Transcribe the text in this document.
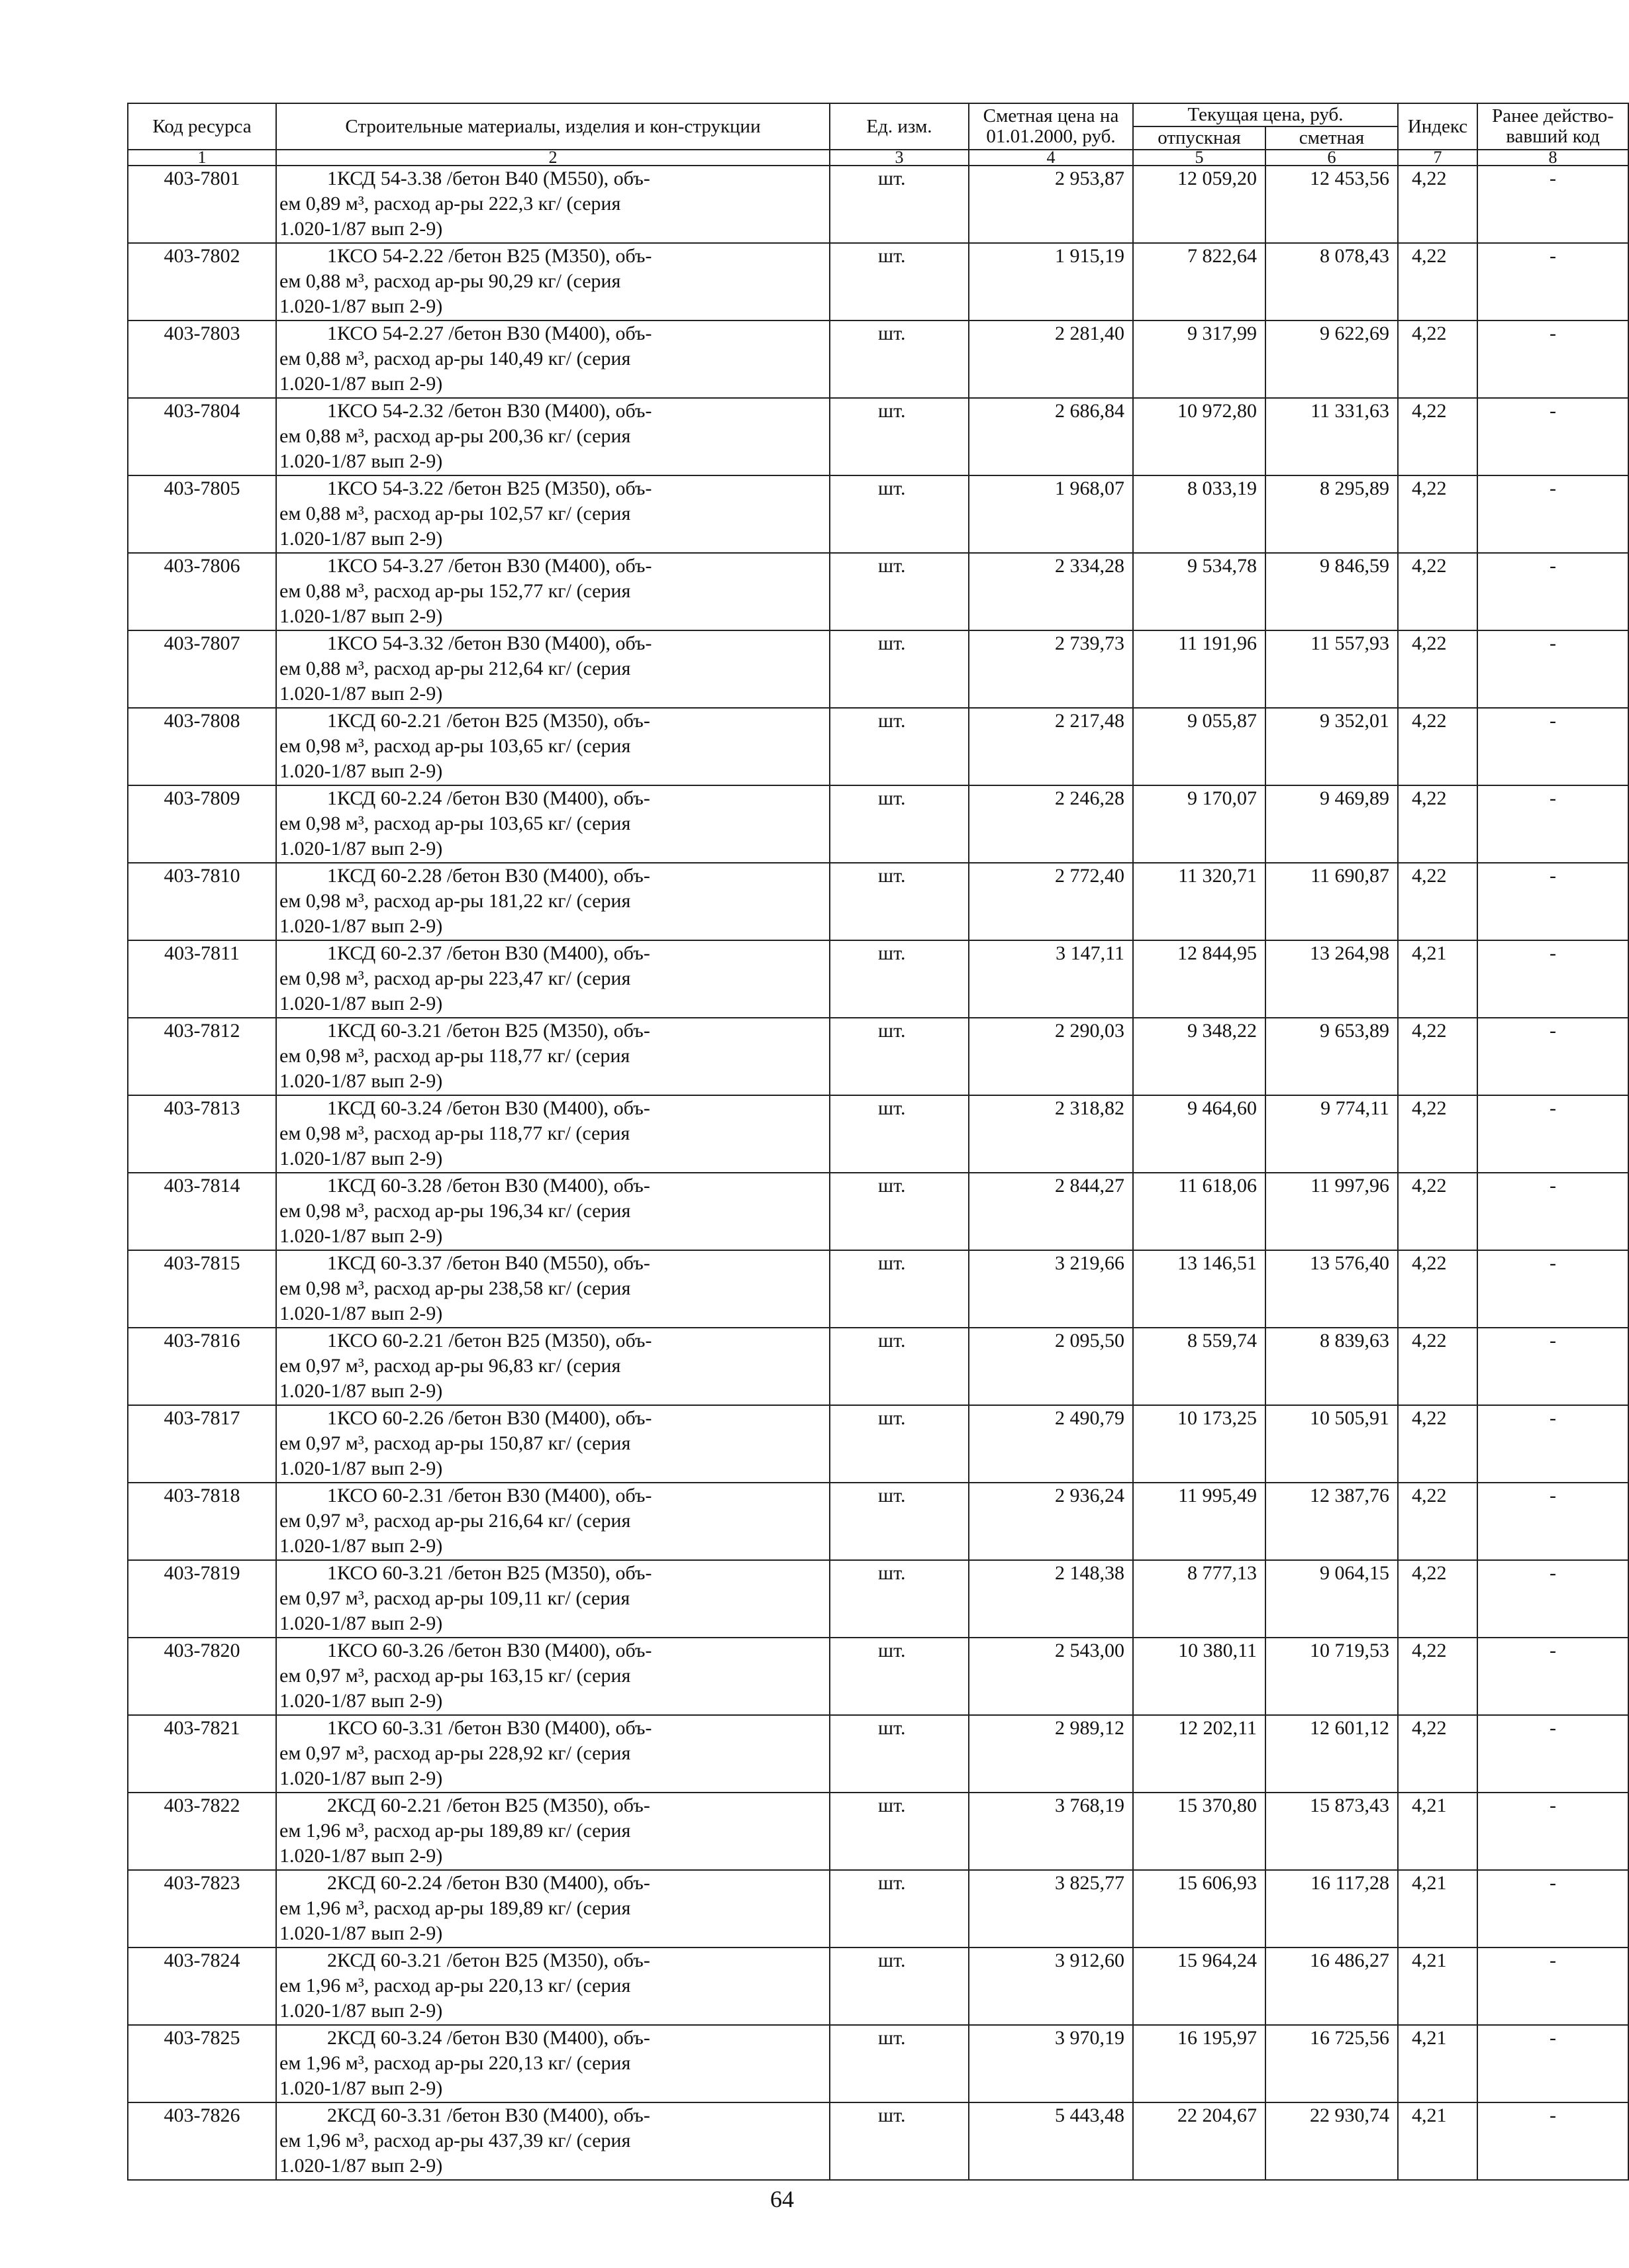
Код ресурса	Строительные материалы, изделия и кон-струкции	Ед. изм.	Сметная цена на 01.01.2000, руб.	Текущая цена, руб.		Индекс	Ранее действо-вавший код
				отпускная	сметная		
1	2	3	4	5	6	7	8
403-7801	1КСД 54-3.38 /бетон В40 (М550), объ-
ем 0,89 м³, расход ар-ры 222,3 кг/ (серия
1.020-1/87 вып 2-9)	шт.	2 953,87	12 059,20	12 453,56	4,22	-
403-7802	1КСО 54-2.22 /бетон В25 (М350), объ-
ем 0,88 м³, расход ар-ры 90,29 кг/ (серия
1.020-1/87 вып 2-9)	шт.	1 915,19	7 822,64	8 078,43	4,22	-
403-7803	1КСО 54-2.27 /бетон В30 (М400), объ-
ем 0,88 м³, расход ар-ры 140,49 кг/ (серия
1.020-1/87 вып 2-9)	шт.	2 281,40	9 317,99	9 622,69	4,22	-
403-7804	1КСО 54-2.32 /бетон В30 (М400), объ-
ем 0,88 м³, расход ар-ры 200,36 кг/ (серия
1.020-1/87 вып 2-9)	шт.	2 686,84	10 972,80	11 331,63	4,22	-
403-7805	1КСО 54-3.22 /бетон В25 (М350), объ-
ем 0,88 м³, расход ар-ры 102,57 кг/ (серия
1.020-1/87 вып 2-9)	шт.	1 968,07	8 033,19	8 295,89	4,22	-
403-7806	1КСО 54-3.27 /бетон В30 (М400), объ-
ем 0,88 м³, расход ар-ры 152,77 кг/ (серия
1.020-1/87 вып 2-9)	шт.	2 334,28	9 534,78	9 846,59	4,22	-
403-7807	1КСО 54-3.32 /бетон В30 (М400), объ-
ем 0,88 м³, расход ар-ры 212,64 кг/ (серия
1.020-1/87 вып 2-9)	шт.	2 739,73	11 191,96	11 557,93	4,22	-
403-7808	1КСД 60-2.21 /бетон В25 (М350), объ-
ем 0,98 м³, расход ар-ры 103,65 кг/ (серия
1.020-1/87 вып 2-9)	шт.	2 217,48	9 055,87	9 352,01	4,22	-
403-7809	1КСД 60-2.24 /бетон В30 (М400), объ-
ем 0,98 м³, расход ар-ры 103,65 кг/ (серия
1.020-1/87 вып 2-9)	шт.	2 246,28	9 170,07	9 469,89	4,22	-
403-7810	1КСД 60-2.28 /бетон В30 (М400), объ-
ем 0,98 м³, расход ар-ры 181,22 кг/ (серия
1.020-1/87 вып 2-9)	шт.	2 772,40	11 320,71	11 690,87	4,22	-
403-7811	1КСД 60-2.37 /бетон В30 (М400), объ-
ем 0,98 м³, расход ар-ры 223,47 кг/ (серия
1.020-1/87 вып 2-9)	шт.	3 147,11	12 844,95	13 264,98	4,21	-
403-7812	1КСД 60-3.21 /бетон В25 (М350), объ-
ем 0,98 м³, расход ар-ры 118,77 кг/ (серия
1.020-1/87 вып 2-9)	шт.	2 290,03	9 348,22	9 653,89	4,22	-
403-7813	1КСД 60-3.24 /бетон В30 (М400), объ-
ем 0,98 м³, расход ар-ры 118,77 кг/ (серия
1.020-1/87 вып 2-9)	шт.	2 318,82	9 464,60	9 774,11	4,22	-
403-7814	1КСД 60-3.28 /бетон В30 (М400), объ-
ем 0,98 м³, расход ар-ры 196,34 кг/ (серия
1.020-1/87 вып 2-9)	шт.	2 844,27	11 618,06	11 997,96	4,22	-
403-7815	1КСД 60-3.37 /бетон В40 (М550), объ-
ем 0,98 м³, расход ар-ры 238,58 кг/ (серия
1.020-1/87 вып 2-9)	шт.	3 219,66	13 146,51	13 576,40	4,22	-
403-7816	1КСО 60-2.21 /бетон В25 (М350), объ-
ем 0,97 м³, расход ар-ры 96,83 кг/ (серия
1.020-1/87 вып 2-9)	шт.	2 095,50	8 559,74	8 839,63	4,22	-
403-7817	1КСО 60-2.26 /бетон В30 (М400), объ-
ем 0,97 м³, расход ар-ры 150,87 кг/ (серия
1.020-1/87 вып 2-9)	шт.	2 490,79	10 173,25	10 505,91	4,22	-
403-7818	1КСО 60-2.31 /бетон В30 (М400), объ-
ем 0,97 м³, расход ар-ры 216,64 кг/ (серия
1.020-1/87 вып 2-9)	шт.	2 936,24	11 995,49	12 387,76	4,22	-
403-7819	1КСО 60-3.21 /бетон В25 (М350), объ-
ем 0,97 м³, расход ар-ры 109,11 кг/ (серия
1.020-1/87 вып 2-9)	шт.	2 148,38	8 777,13	9 064,15	4,22	-
403-7820	1КСО 60-3.26 /бетон В30 (М400), объ-
ем 0,97 м³, расход ар-ры 163,15 кг/ (серия
1.020-1/87 вып 2-9)	шт.	2 543,00	10 380,11	10 719,53	4,22	-
403-7821	1КСО 60-3.31 /бетон В30 (М400), объ-
ем 0,97 м³, расход ар-ры 228,92 кг/ (серия
1.020-1/87 вып 2-9)	шт.	2 989,12	12 202,11	12 601,12	4,22	-
403-7822	2КСД 60-2.21 /бетон В25 (М350), объ-
ем 1,96 м³, расход ар-ры 189,89 кг/ (серия
1.020-1/87 вып 2-9)	шт.	3 768,19	15 370,80	15 873,43	4,21	-
403-7823	2КСД 60-2.24 /бетон В30 (М400), объ-
ем 1,96 м³, расход ар-ры 189,89 кг/ (серия
1.020-1/87 вып 2-9)	шт.	3 825,77	15 606,93	16 117,28	4,21	-
403-7824	2КСД 60-3.21 /бетон В25 (М350), объ-
ем 1,96 м³, расход ар-ры 220,13 кг/ (серия
1.020-1/87 вып 2-9)	шт.	3 912,60	15 964,24	16 486,27	4,21	-
403-7825	2КСД 60-3.24 /бетон В30 (М400), объ-
ем 1,96 м³, расход ар-ры 220,13 кг/ (серия
1.020-1/87 вып 2-9)	шт.	3 970,19	16 195,97	16 725,56	4,21	-
403-7826	2КСД 60-3.31 /бетон В30 (М400), объ-
ем 1,96 м³, расход ар-ры 437,39 кг/ (серия
1.020-1/87 вып 2-9)	шт.	5 443,48	22 204,67	22 930,74	4,21	-
64
